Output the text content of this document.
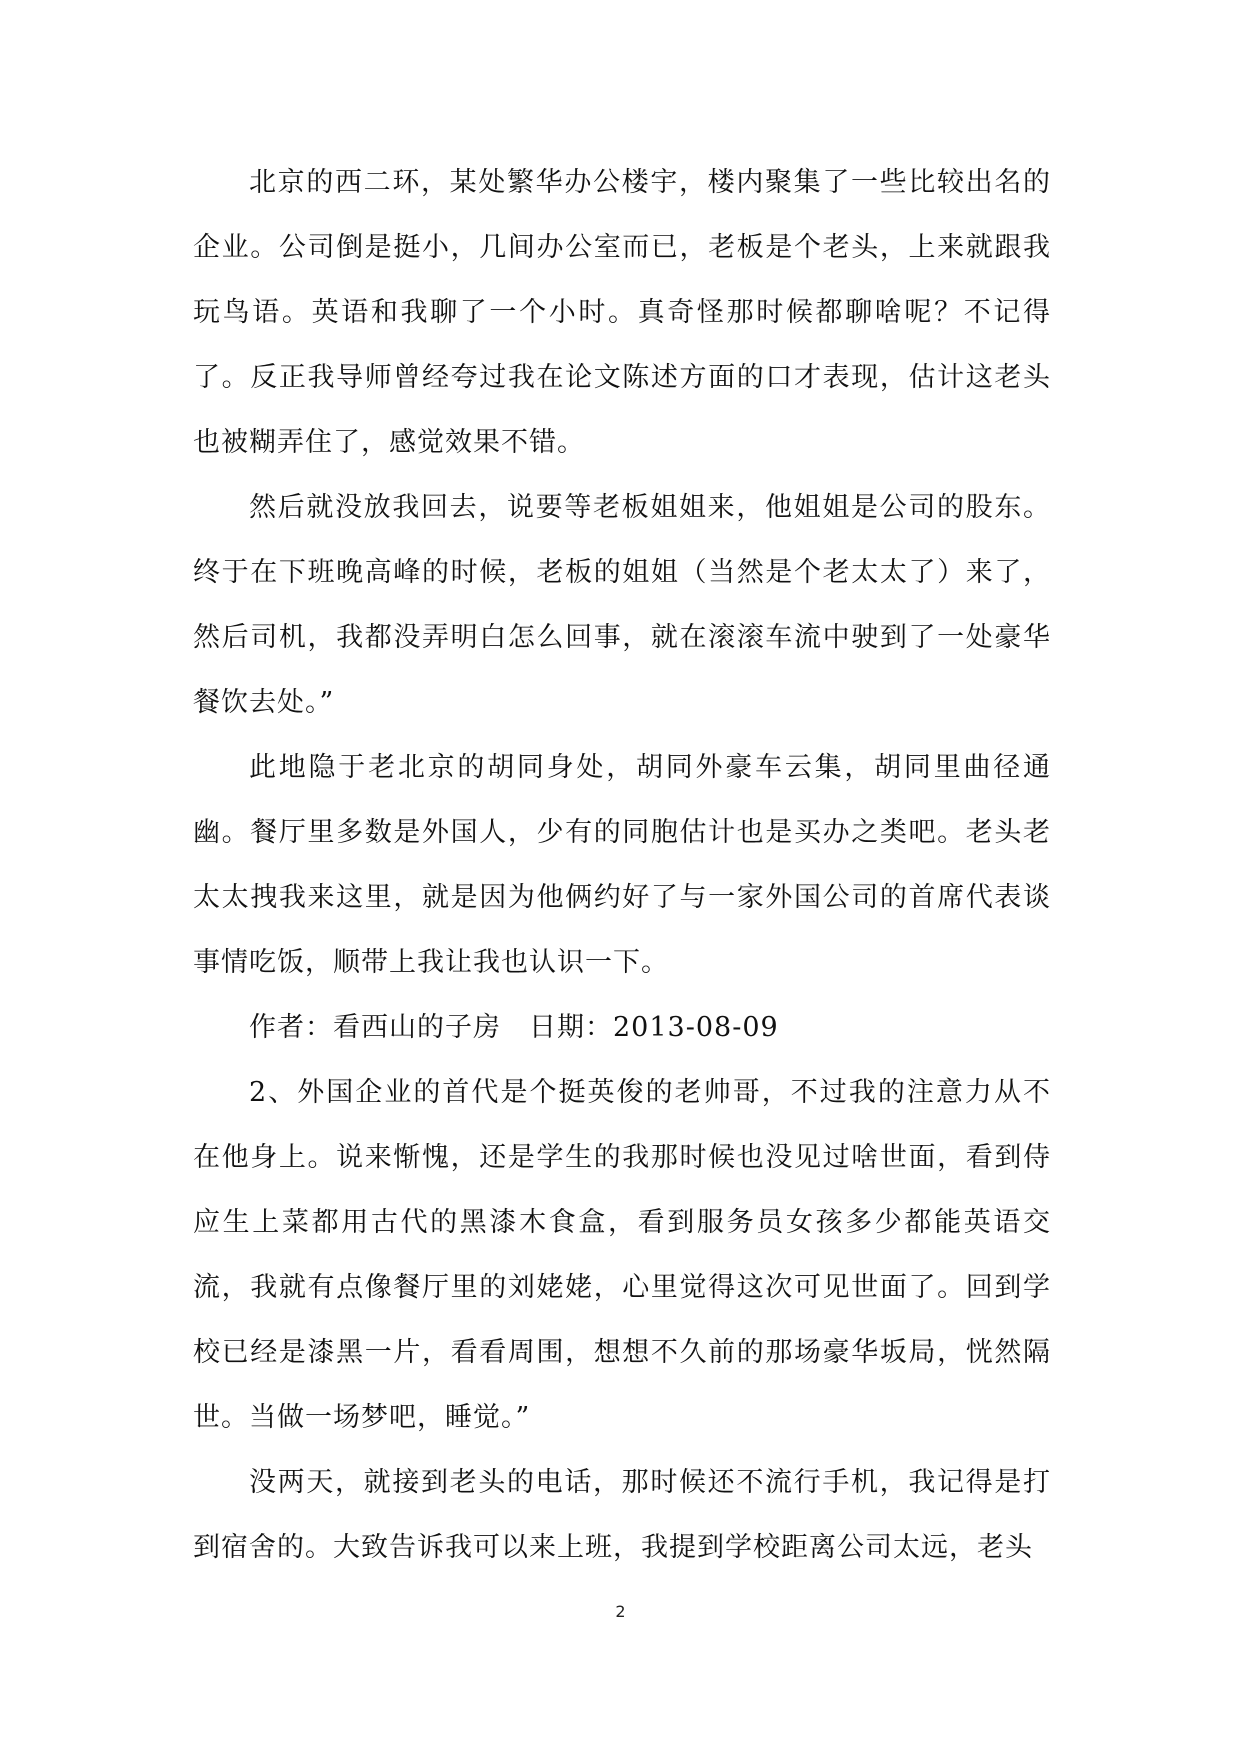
北京的西二环，某处繁华办公楼宇，楼内聚集了一些比较出名的企业。公司倒是挺小，几间办公室而已，老板是个老头，上来就跟我玩鸟语。英语和我聊了一个小时。真奇怪那时候都聊啥呢？不记得了。反正我导师曾经夸过我在论文陈述方面的口才表现，估计这老头也被糊弄住了，感觉效果不错。

然后就没放我回去，说要等老板姐姐来，他姐姐是公司的股东。终于在下班晚高峰的时候，老板的姐姐（当然是个老太太了）来了，然后司机，我都没弄明白怎么回事，就在滚滚车流中驶到了一处豪华餐饮去处。”

此地隐于老北京的胡同身处，胡同外豪车云集，胡同里曲径通幽。餐厅里多数是外国人，少有的同胞估计也是买办之类吧。老头老太太拽我来这里，就是因为他俩约好了与一家外国公司的首席代表谈事情吃饭，顺带上我让我也认识一下。

作者：看西山的子房　日期：2013-08-09

2、外国企业的首代是个挺英俊的老帅哥，不过我的注意力从不在他身上。说来惭愧，还是学生的我那时候也没见过啥世面，看到侍应生上菜都用古代的黑漆木食盒，看到服务员女孩多少都能英语交流，我就有点像餐厅里的刘姥姥，心里觉得这次可见世面了。回到学校已经是漆黑一片，看看周围，想想不久前的那场豪华坂局，恍然隔世。当做一场梦吧，睡觉。”

没两天，就接到老头的电话，那时候还不流行手机，我记得是打到宿舍的。大致告诉我可以来上班，我提到学校距离公司太远，老头

2
